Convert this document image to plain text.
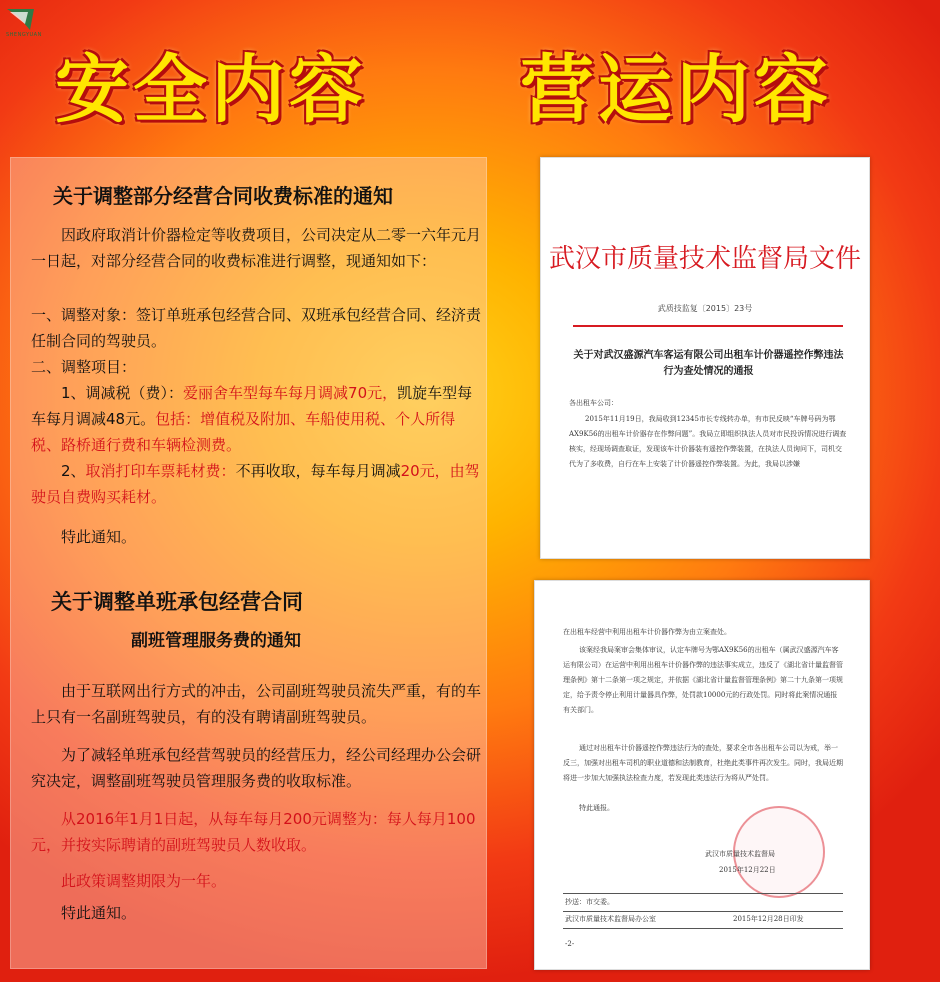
SHENGYUAN
安全内容 营运内容
关于调整部分经营合同收费标准的通知

因政府取消计价器检定等收费项目，公司决定从二零一六年元月一日起，对部分经营合同的收费标准进行调整，现通知如下：

一、调整对象：签订单班承包经营合同、双班承包经营合同、经济责任制合同的驾驶员。

二、调整项目：

1、调减税（费）：爱丽舍车型每车每月调减70元，凯旋车型每车每月调减48元。包括：增值税及附加、车船使用税、个人所得税、路桥通行费和车辆检测费。

2、取消打印车票耗材费：不再收取，每车每月调减20元，由驾驶员自费购买耗材。

特此通知。

关于调整单班承包经营合同
副班管理服务费的通知

由于互联网出行方式的冲击，公司副班驾驶员流失严重，有的车上只有一名副班驾驶员，有的没有聘请副班驾驶员。

为了减轻单班承包经营驾驶员的经营压力，经公司经理办公会研究决定，调整副班驾驶员管理服务费的收取标准。

从2016年1月1日起，从每车每月200元调整为：每人每月100元，并按实际聘请的副班驾驶员人数收取。

此政策调整期限为一年。

特此通知。

武汉市质量技术监督局文件
武质技监复〔2015〕23号
关于对武汉盛源汽车客运有限公司出租车计价器遥控作弊违法行为查处情况的通报
各出租车公司：
2015年11月19日，我局收到12345市长专线转办单，有市民反映“车牌号码为鄂AX9K56的出租车计价器存在作弊问题”。我局立即组织执法人员对市民投诉情况进行调查核实，经现场调查取证，发现该车计价器装有遥控作弊装置，在执法人员询问下，司机交代为了多收费，自行在车上安装了计价器遥控作弊装置。为此，我局以涉嫌
在出租车经营中利用出租车计价器作弊为由立案查处。
该案经我局案审会集体审议，认定车牌号为鄂AX9K56的出租车（属武汉盛源汽车客运有限公司）在运营中利用出租车计价器作弊的违法事实成立，违反了《湖北省计量监督管理条例》第十二条第一项之规定，并依据《湖北省计量监督管理条例》第二十九条第一项规定，给予责令停止利用计量器具作弊，处罚款10000元的行政处罚。同时将此案情况通报有关部门。
通过对出租车计价器遥控作弊违法行为的查处，要求全市各出租车公司以为戒，举一反三，加强对出租车司机的职业道德和法制教育，杜绝此类事件再次发生。同时，我局近期将进一步加大加强执法检查力度，若发现此类违法行为将从严处罚。
特此通报。
武汉市质量技术监督局
2015年12月22日
抄送：市交委。
武汉市质量技术监督局办公室	2015年12月28日印发
-2-
